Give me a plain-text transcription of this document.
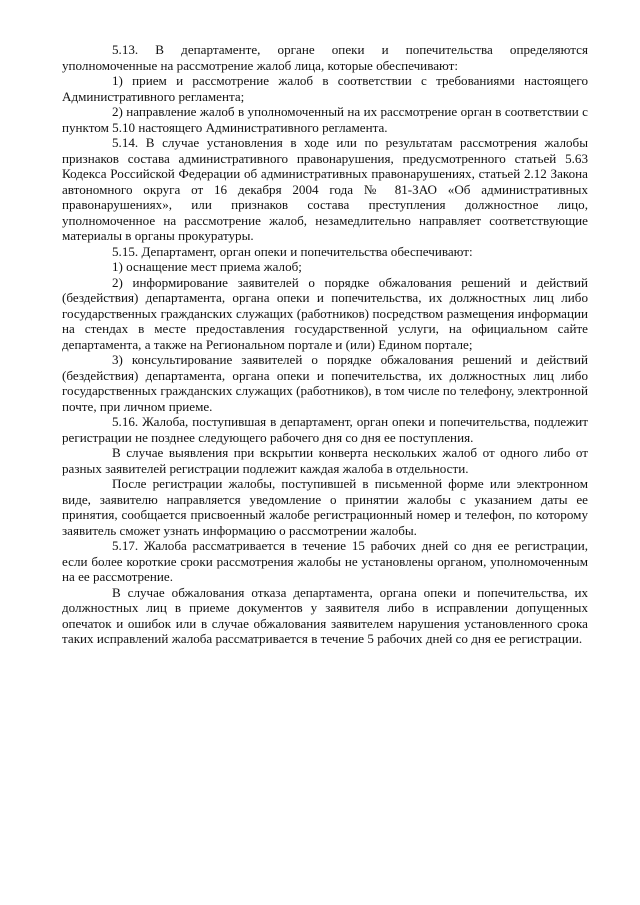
5.13. В департаменте, органе опеки и попечительства определяются уполномоченные на рассмотрение жалоб лица, которые обеспечивают:

1) прием и рассмотрение жалоб в соответствии с требованиями настоящего Административного регламента;

2) направление жалоб в уполномоченный на их рассмотрение орган в соответствии с пунктом 5.10 настоящего Административного регламента.

5.14. В случае установления в ходе или по результатам рассмотрения жалобы признаков состава административного правонарушения, предусмотренного статьей 5.63 Кодекса Российской Федерации об административных правонарушениях, статьей 2.12 Закона автономного округа от 16 декабря 2004 года № 81-ЗАО «Об административных правонарушениях», или признаков состава преступления должностное лицо, уполномоченное на рассмотрение жалоб, незамедлительно направляет соответствующие материалы в органы прокуратуры.

5.15. Департамент, орган опеки и попечительства обеспечивают:

1) оснащение мест приема жалоб;

2) информирование заявителей о порядке обжалования решений и действий (бездействия) департамента, органа опеки и попечительства, их должностных лиц либо государственных гражданских служащих (работников) посредством размещения информации на стендах в месте предоставления государственной услуги, на официальном сайте департамента, а также на Региональном портале и (или) Едином портале;

3) консультирование заявителей о порядке обжалования решений и действий (бездействия) департамента, органа опеки и попечительства, их должностных лиц либо государственных гражданских служащих (работников), в том числе по телефону, электронной почте, при личном приеме.

5.16. Жалоба, поступившая в департамент, орган опеки и попечительства, подлежит регистрации не позднее следующего рабочего дня со дня ее поступления.

В случае выявления при вскрытии конверта нескольких жалоб от одного либо от разных заявителей регистрации подлежит каждая жалоба в отдельности.

После регистрации жалобы, поступившей в письменной форме или электронном виде, заявителю направляется уведомление о принятии жалобы с указанием даты ее принятия, сообщается присвоенный жалобе регистрационный номер и телефон, по которому заявитель сможет узнать информацию о рассмотрении жалобы.

5.17. Жалоба рассматривается в течение 15 рабочих дней со дня ее регистрации, если более короткие сроки рассмотрения жалобы не установлены органом, уполномоченным на ее рассмотрение.

В случае обжалования отказа департамента, органа опеки и попечительства, их должностных лиц в приеме документов у заявителя либо в исправлении допущенных опечаток и ошибок или в случае обжалования заявителем нарушения установленного срока таких исправлений жалоба рассматривается в течение 5 рабочих дней со дня ее регистрации.
